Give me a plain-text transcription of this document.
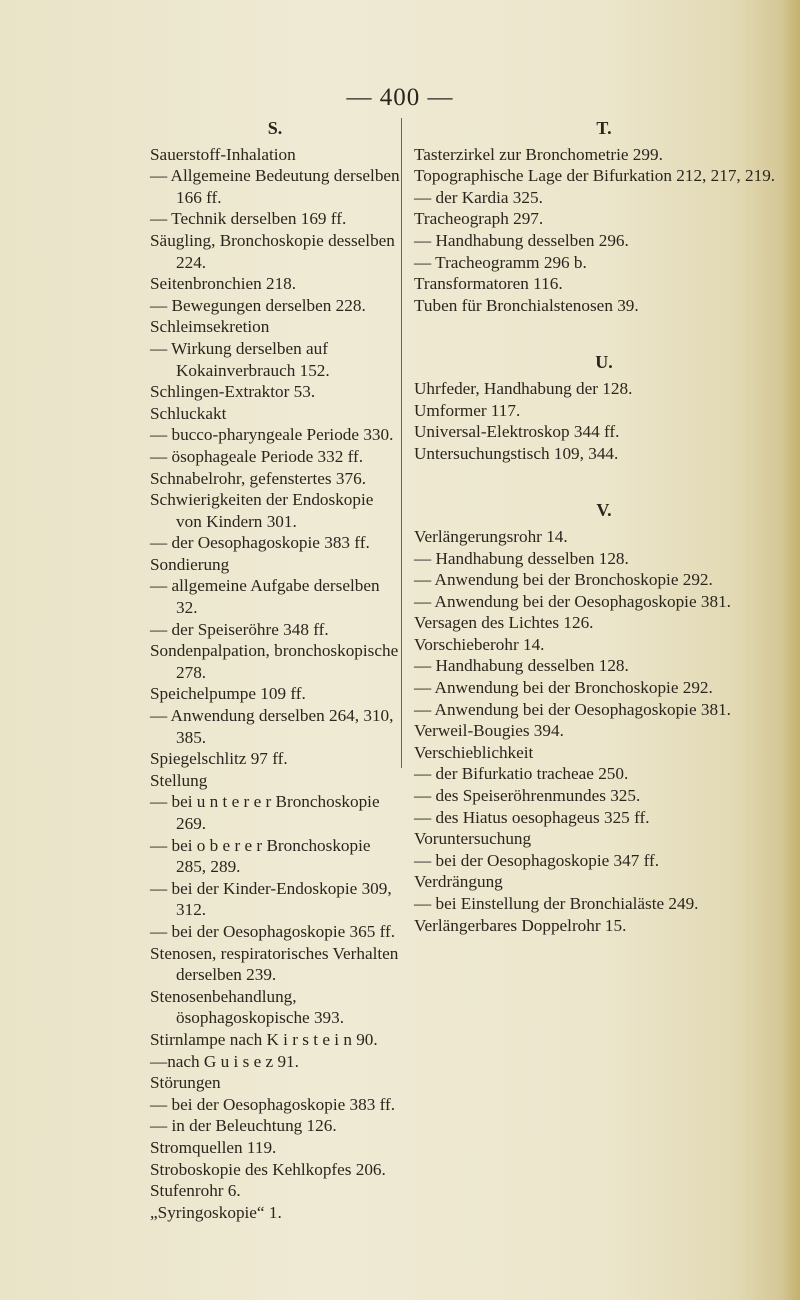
— 400 —
S.

Sauerstoff-Inhalation

— Allgemeine Bedeutung derselben 166 ff.

— Technik derselben 169 ff.

Säugling, Bronchoskopie desselben 224.

Seitenbronchien 218.

— Bewegungen derselben 228.

Schleimsekretion

— Wirkung derselben auf Kokainverbrauch 152.

Schlingen-Extraktor 53.

Schluckakt

— bucco-pharyngeale Periode 330.

— ösophageale Periode 332 ff.

Schnabelrohr, gefenstertes 376.

Schwierigkeiten der Endoskopie von Kindern 301.

— der Oesophagoskopie 383 ff.

Sondierung

— allgemeine Aufgabe derselben 32.

— der Speiseröhre 348 ff.

Sondenpalpation, bronchoskopische 278.

Speichelpumpe 109 ff.

— Anwendung derselben 264, 310, 385.

Spiegelschlitz 97 ff.

Stellung

— bei u n t e r e r Bronchoskopie 269.

— bei o b e r e r Bronchoskopie 285, 289.

— bei der Kinder-Endoskopie 309, 312.

— bei der Oesophagoskopie 365 ff.

Stenosen, respiratorisches Verhalten derselben 239.

Stenosenbehandlung, ösophagoskopische 393.

Stirnlampe nach K i r s t e i n 90.

—nach G u i s e z 91.

Störungen

— bei der Oesophagoskopie 383 ff.

— in der Beleuchtung 126.

Stromquellen 119.

Stroboskopie des Kehlkopfes 206.

Stufenrohr 6.

„Syringoskopie“ 1.

T.

Tasterzirkel zur Bronchometrie 299.

Topographische Lage der Bifurkation 212, 217, 219.

— der Kardia 325.

Tracheograph 297.

— Handhabung desselben 296.

— Tracheogramm 296 b.

Transformatoren 116.

Tuben für Bronchialstenosen 39.

U.

Uhrfeder, Handhabung der 128.

Umformer 117.

Universal-Elektroskop 344 ff.

Untersuchungstisch 109, 344.

V.

Verlängerungsrohr 14.

— Handhabung desselben 128.

— Anwendung bei der Bronchoskopie 292.

— Anwendung bei der Oesophagoskopie 381.

Versagen des Lichtes 126.

Vorschieberohr 14.

— Handhabung desselben 128.

— Anwendung bei der Bronchoskopie 292.

— Anwendung bei der Oesophagoskopie 381.

Verweil-Bougies 394.

Verschieblichkeit

— der Bifurkatio tracheae 250.

— des Speiseröhrenmundes 325.

— des Hiatus oesophageus 325 ff.

Voruntersuchung

— bei der Oesophagoskopie 347 ff.

Verdrängung

— bei Einstellung der Bronchialäste 249.

Verlängerbares Doppelrohr 15.
